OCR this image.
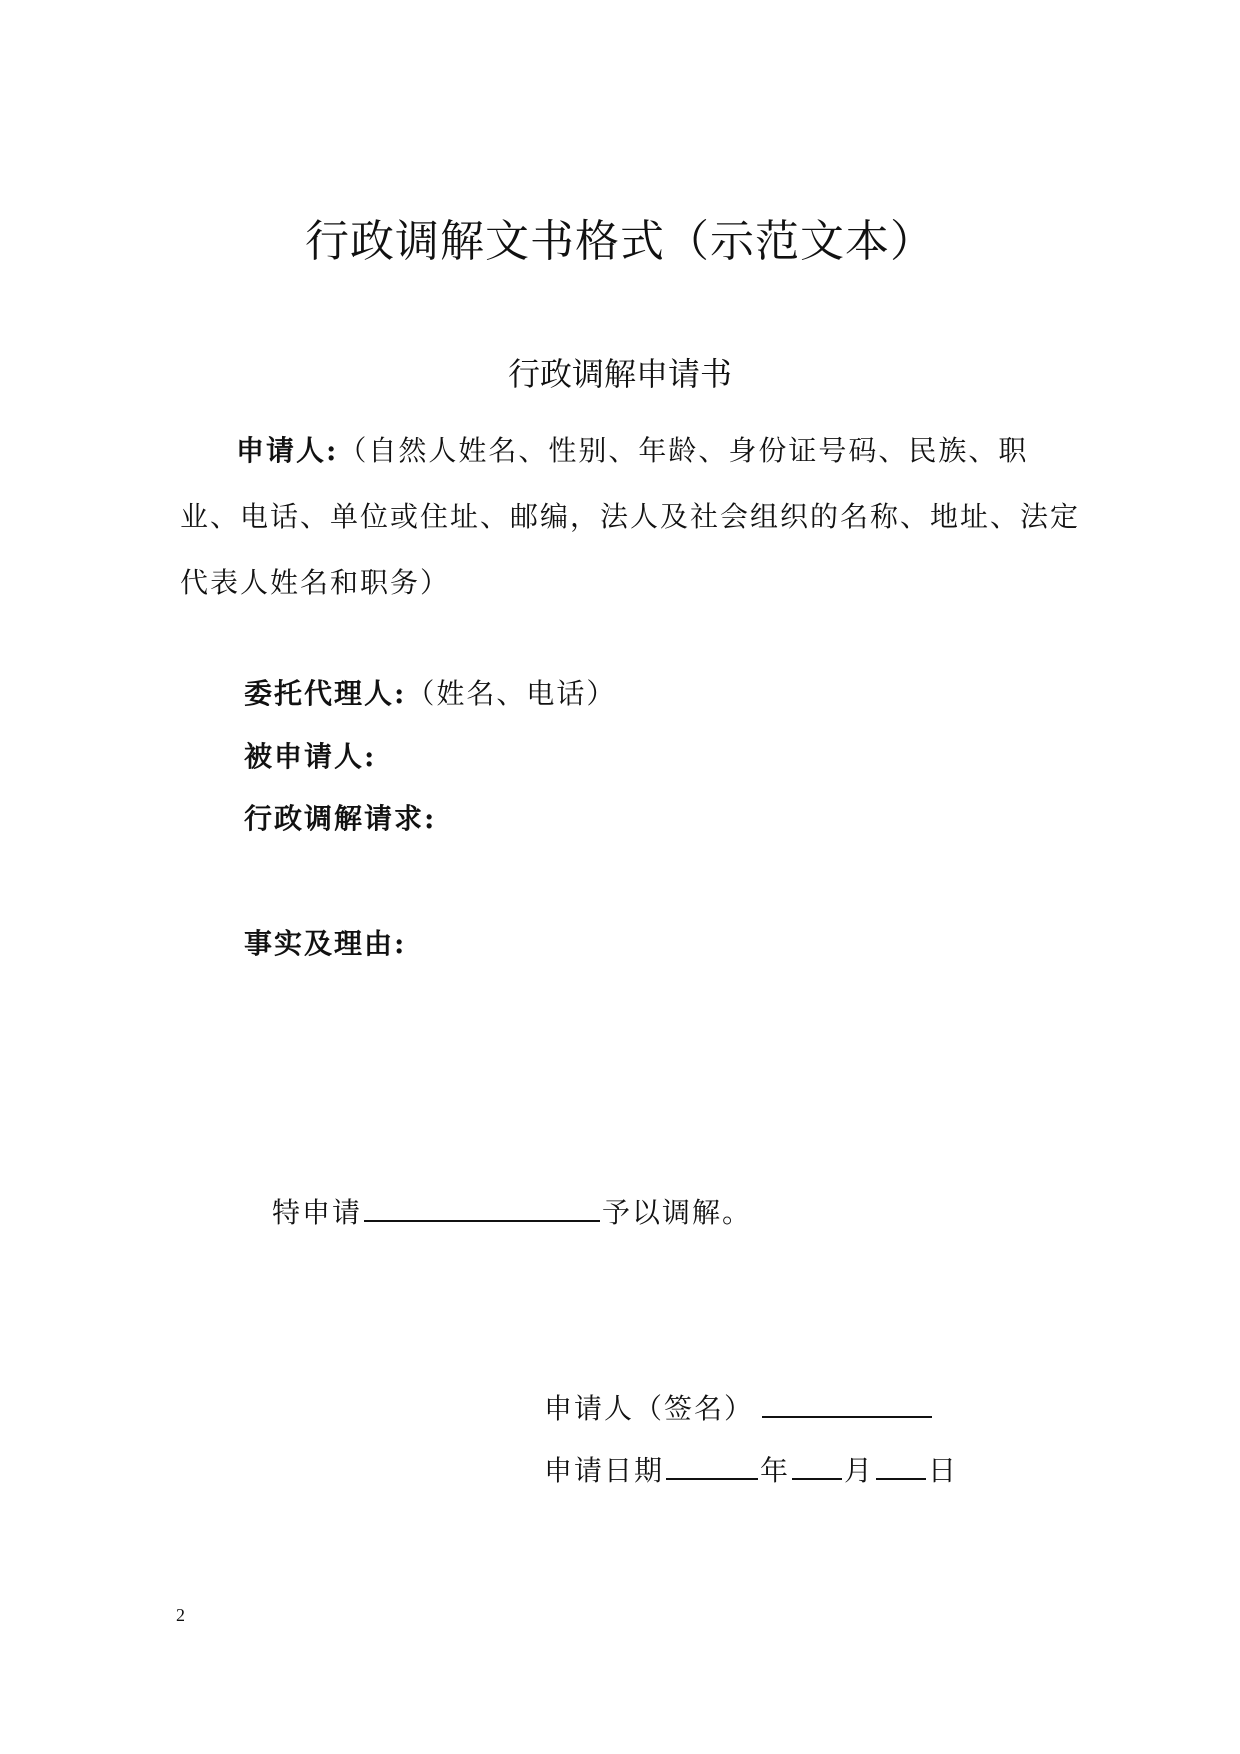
行政调解文书格式（示范文本）
行政调解申请书
申请人:（自然人姓名、性别、年龄、身份证号码、民族、职业、电话、单位或住址、邮编，法人及社会组织的名称、地址、法定代表人姓名和职务）
委托代理人:（姓名、电话）
被申请人:
行政调解请求:
事实及理由:
特申请	予以调解。
申请人（签名）
申请日期	年 月 日
2
